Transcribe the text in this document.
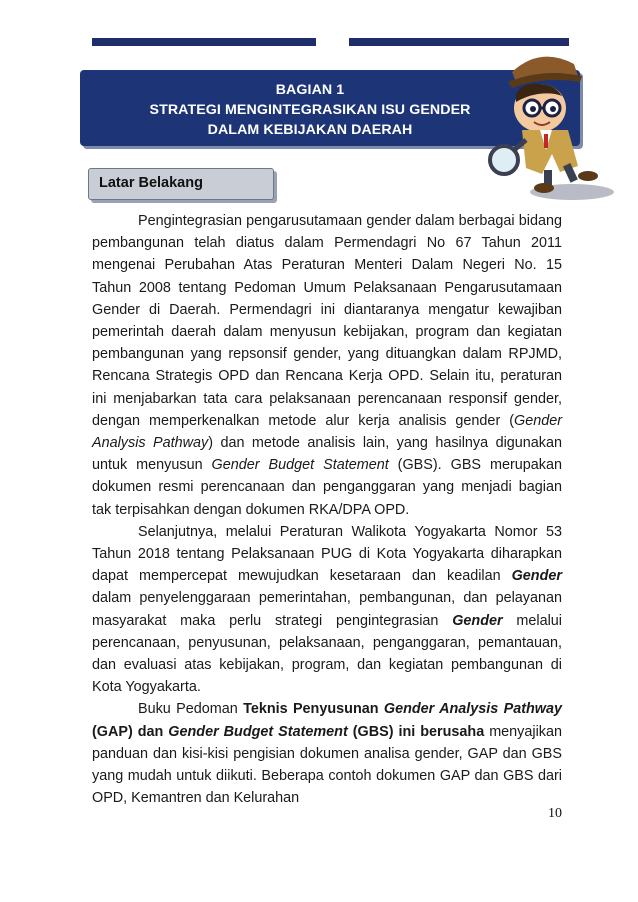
BAGIAN 1
STRATEGI MENGINTEGRASIKAN ISU GENDER
DALAM KEBIJAKAN DAERAH
Latar Belakang

Pengintegrasian pengarusutamaan gender dalam berbagai bidang pembangunan telah diatus dalam Permendagri No 67 Tahun 2011 mengenai Perubahan Atas Peraturan Menteri Dalam Negeri No. 15 Tahun 2008 tentang Pedoman Umum Pelaksanaan Pengarusutamaan Gender di Daerah. Permendagri ini diantaranya mengatur kewajiban pemerintah daerah dalam menyusun kebijakan, program dan kegiatan pembangunan yang repsonsif gender, yang dituangkan dalam RPJMD, Rencana Strategis OPD dan Rencana Kerja OPD. Selain itu, peraturan ini menjabarkan tata cara pelaksanaan perencanaan responsif gender, dengan memperkenalkan metode alur kerja analisis gender (Gender Analysis Pathway) dan metode analisis lain, yang hasilnya digunakan untuk menyusun Gender Budget Statement (GBS). GBS merupakan dokumen resmi perencanaan dan penganggaran yang menjadi bagian tak terpisahkan dengan dokumen RKA/DPA OPD.

Selanjutnya, melalui Peraturan Walikota Yogyakarta Nomor 53 Tahun 2018 tentang Pelaksanaan PUG di Kota Yogyakarta diharapkan dapat mempercepat mewujudkan kesetaraan dan keadilan Gender dalam penyelenggaraan pemerintahan, pembangunan, dan pelayanan masyarakat maka perlu strategi pengintegrasian Gender melalui perencanaan, penyusunan, pelaksanaan, penganggaran, pemantauan, dan evaluasi atas kebijakan, program, dan kegiatan pembangunan di Kota Yogyakarta.

Buku Pedoman Teknis Penyusunan Gender Analysis Pathway (GAP) dan Gender Budget Statement (GBS) ini berusaha menyajikan panduan dan kisi-kisi pengisian dokumen analisa gender, GAP dan GBS yang mudah untuk diikuti. Beberapa contoh dokumen GAP dan GBS dari OPD, Kemantren dan Kelurahan

10
